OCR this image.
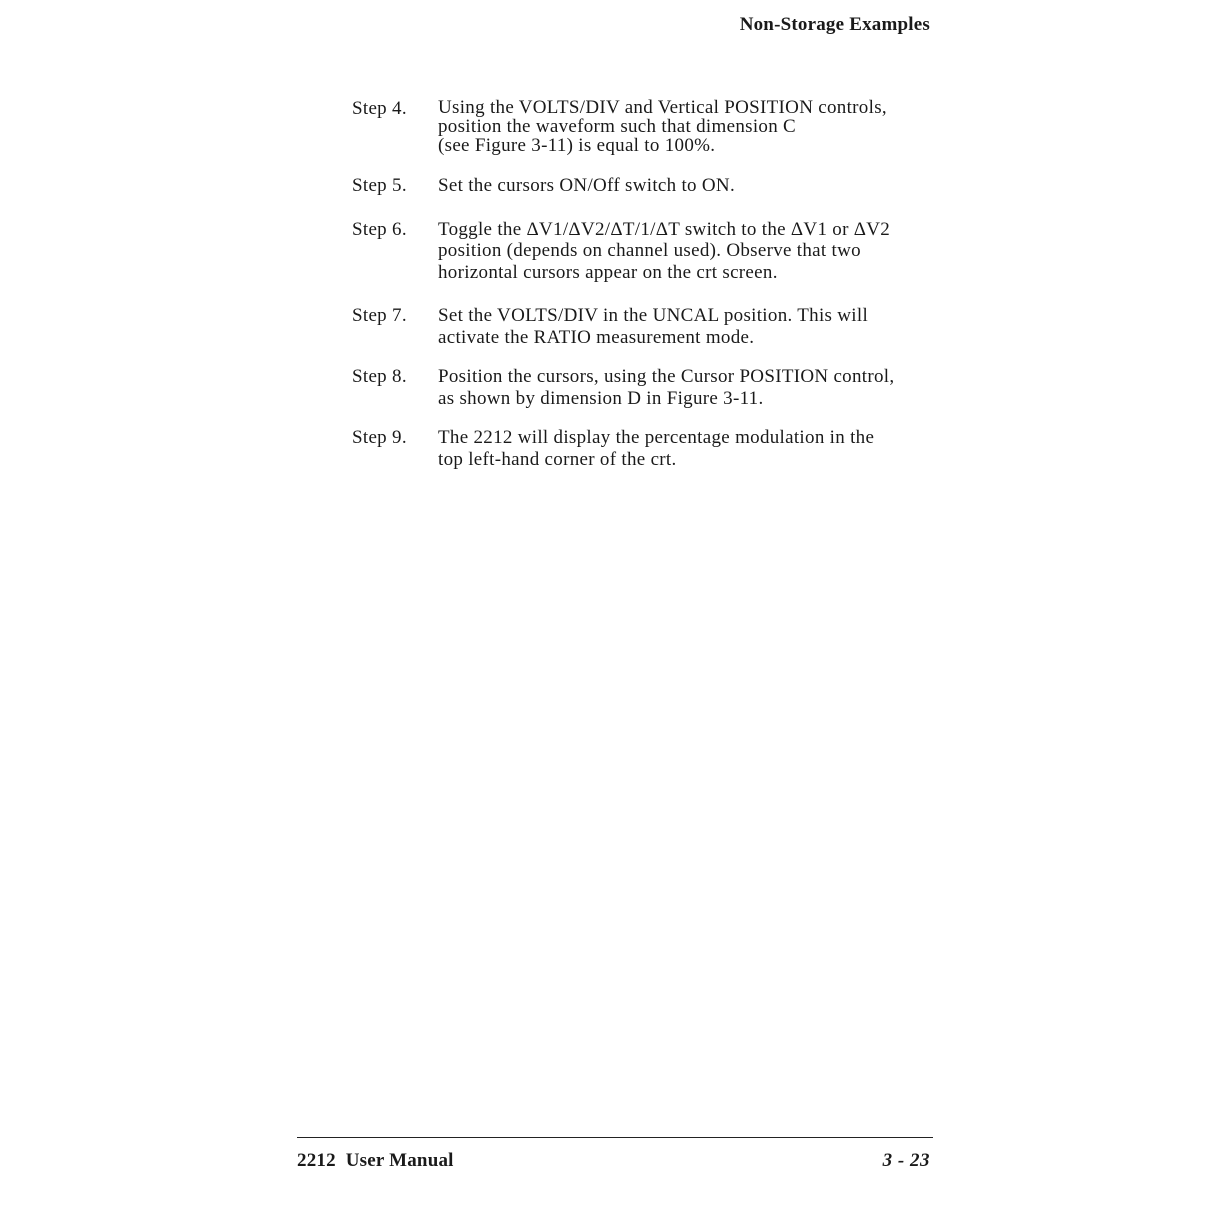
Non-Storage Examples
Step 4.	Using the VOLTS/DIV and Vertical POSITION controls,
position the waveform such that dimension C
(see Figure 3-11) is equal to 100%.
Step 5.	Set the cursors ON/Off switch to ON.
Step 6.	Toggle the ΔV1/ΔV2/ΔT/1/ΔT switch to the ΔV1 or ΔV2
position (depends on channel used). Observe that two
horizontal cursors appear on the crt screen.
Step 7.	Set the VOLTS/DIV in the UNCAL position. This will
activate the RATIO measurement mode.
Step 8.	Position the cursors, using the Cursor POSITION control,
as shown by dimension D in Figure 3-11.
Step 9.	The 2212 will display the percentage modulation in the
top left-hand corner of the crt.
2212  User Manual	3 - 23
